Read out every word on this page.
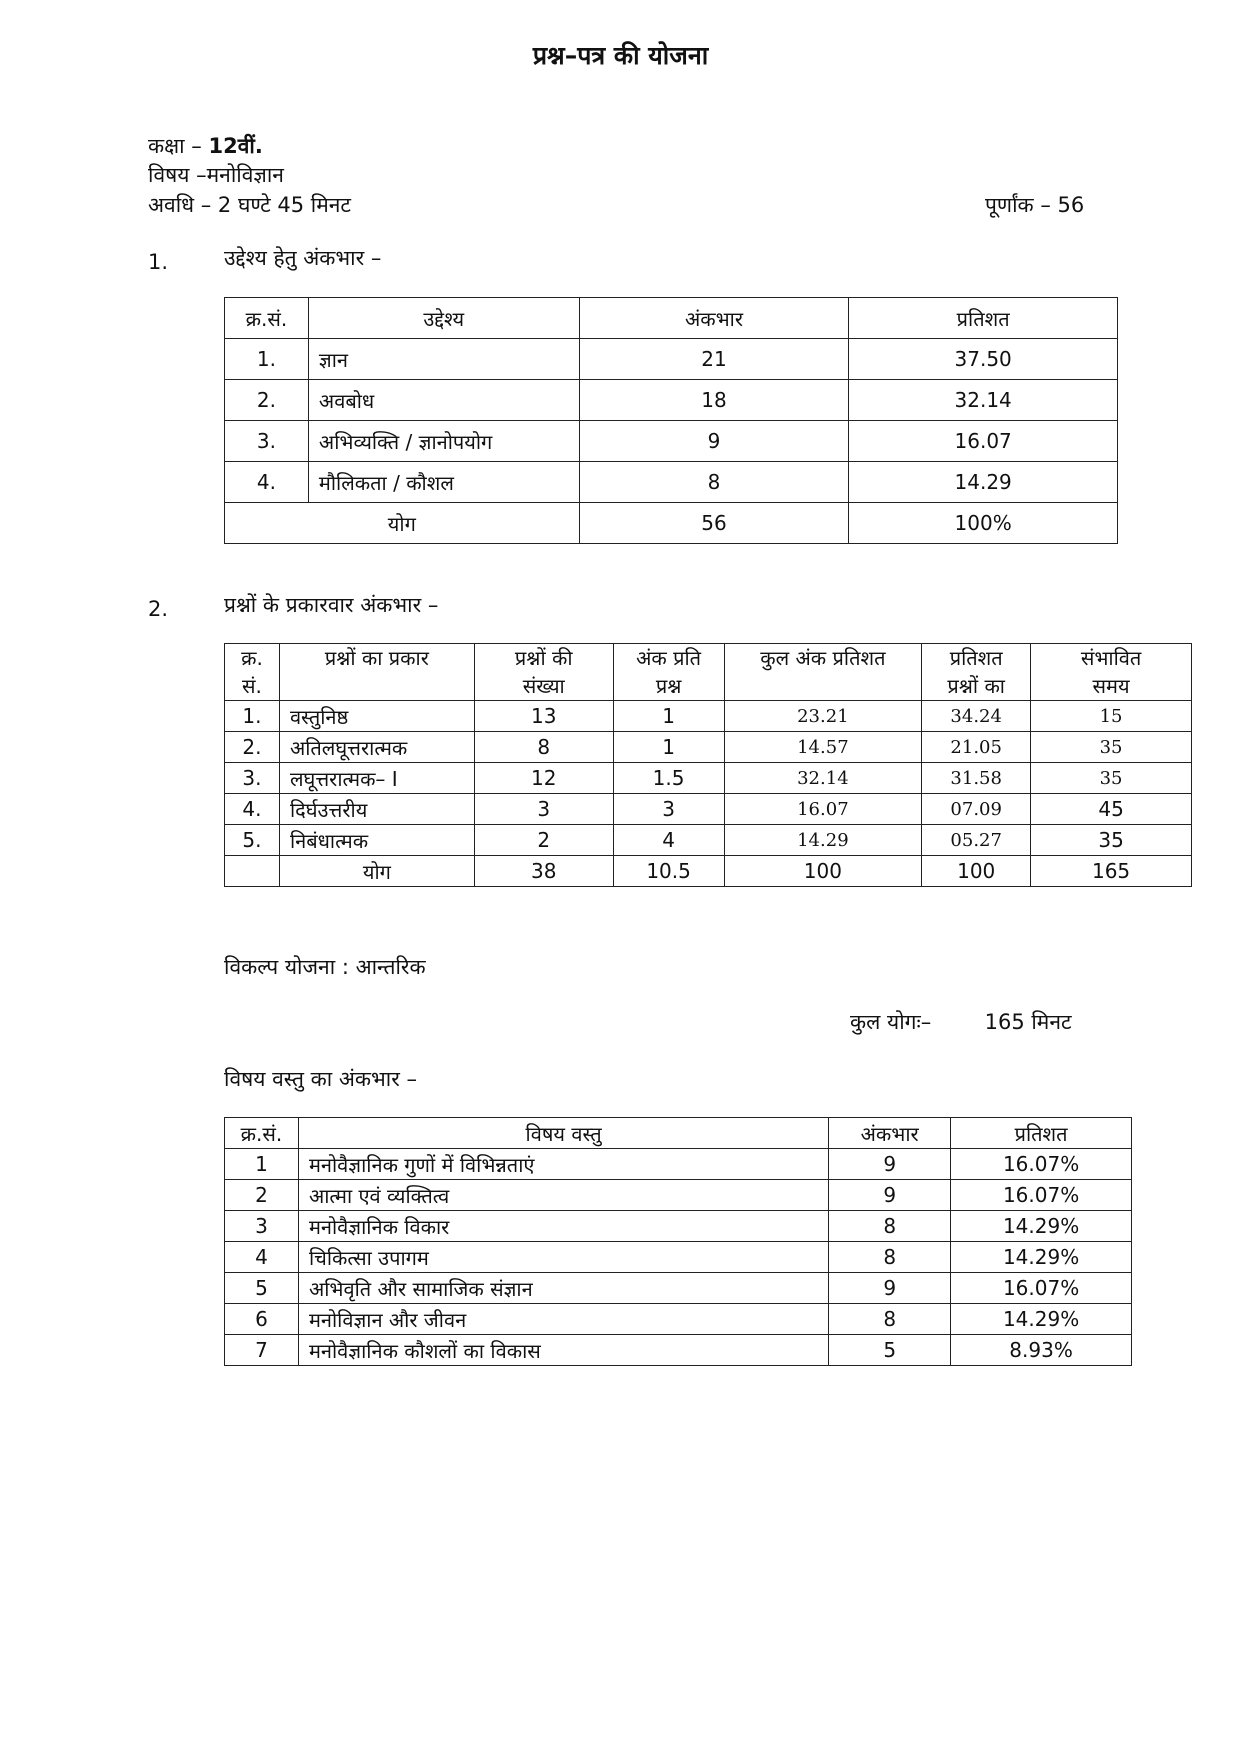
प्रश्न–पत्र की योजना
कक्षा – 12वीं.
विषय –मनोविज्ञान
अवधि – 2 घण्टे 45 मिनट	पूर्णांक – 56
1.	उद्देश्य हेतु अंकभार –
क्र.सं.	उद्देश्य	अंकभार	प्रतिशत
1.	ज्ञान	21	37.50
2.	अवबोध	18	32.14
3.	अभिव्यक्ति / ज्ञानोपयोग	9	16.07
4.	मौलिकता / कौशल	8	14.29
योग		56	100%
2.	प्रश्नों के प्रकारवार अंकभार –
क्र.	प्रश्नों का प्रकार	प्रश्नों की	अंक प्रति	कुल अंक प्रतिशत	प्रतिशत	संभावित
सं.		संख्या	प्रश्न		प्रश्नों का	समय
1.	वस्तुनिष्ठ	13	1	23.21	34.24	15
2.	अतिलघूत्तरात्मक	8	1	14.57	21.05	35
3.	लघूत्तरात्मक– I	12	1.5	32.14	31.58	35
4.	दिर्घउत्तरीय	3	3	16.07	07.09	45
5.	निबंधात्मक	2	4	14.29	05.27	35
	योग	38	10.5	100	100	165
विकल्प योजना : आन्तरिक
कुल योगः–	165 मिनट
विषय वस्तु का अंकभार –
क्र.सं.	विषय वस्तु	अंकभार	प्रतिशत
1	मनोवैज्ञानिक गुणों में विभिन्नताएं	9	16.07%
2	आत्मा एवं व्यक्तित्व	9	16.07%
3	मनोवैज्ञानिक विकार	8	14.29%
4	चिकित्सा उपागम	8	14.29%
5	अभिवृति और सामाजिक संज्ञान	9	16.07%
6	मनोविज्ञान और जीवन	8	14.29%
7	मनोवैज्ञानिक कौशलों का विकास	5	8.93%
